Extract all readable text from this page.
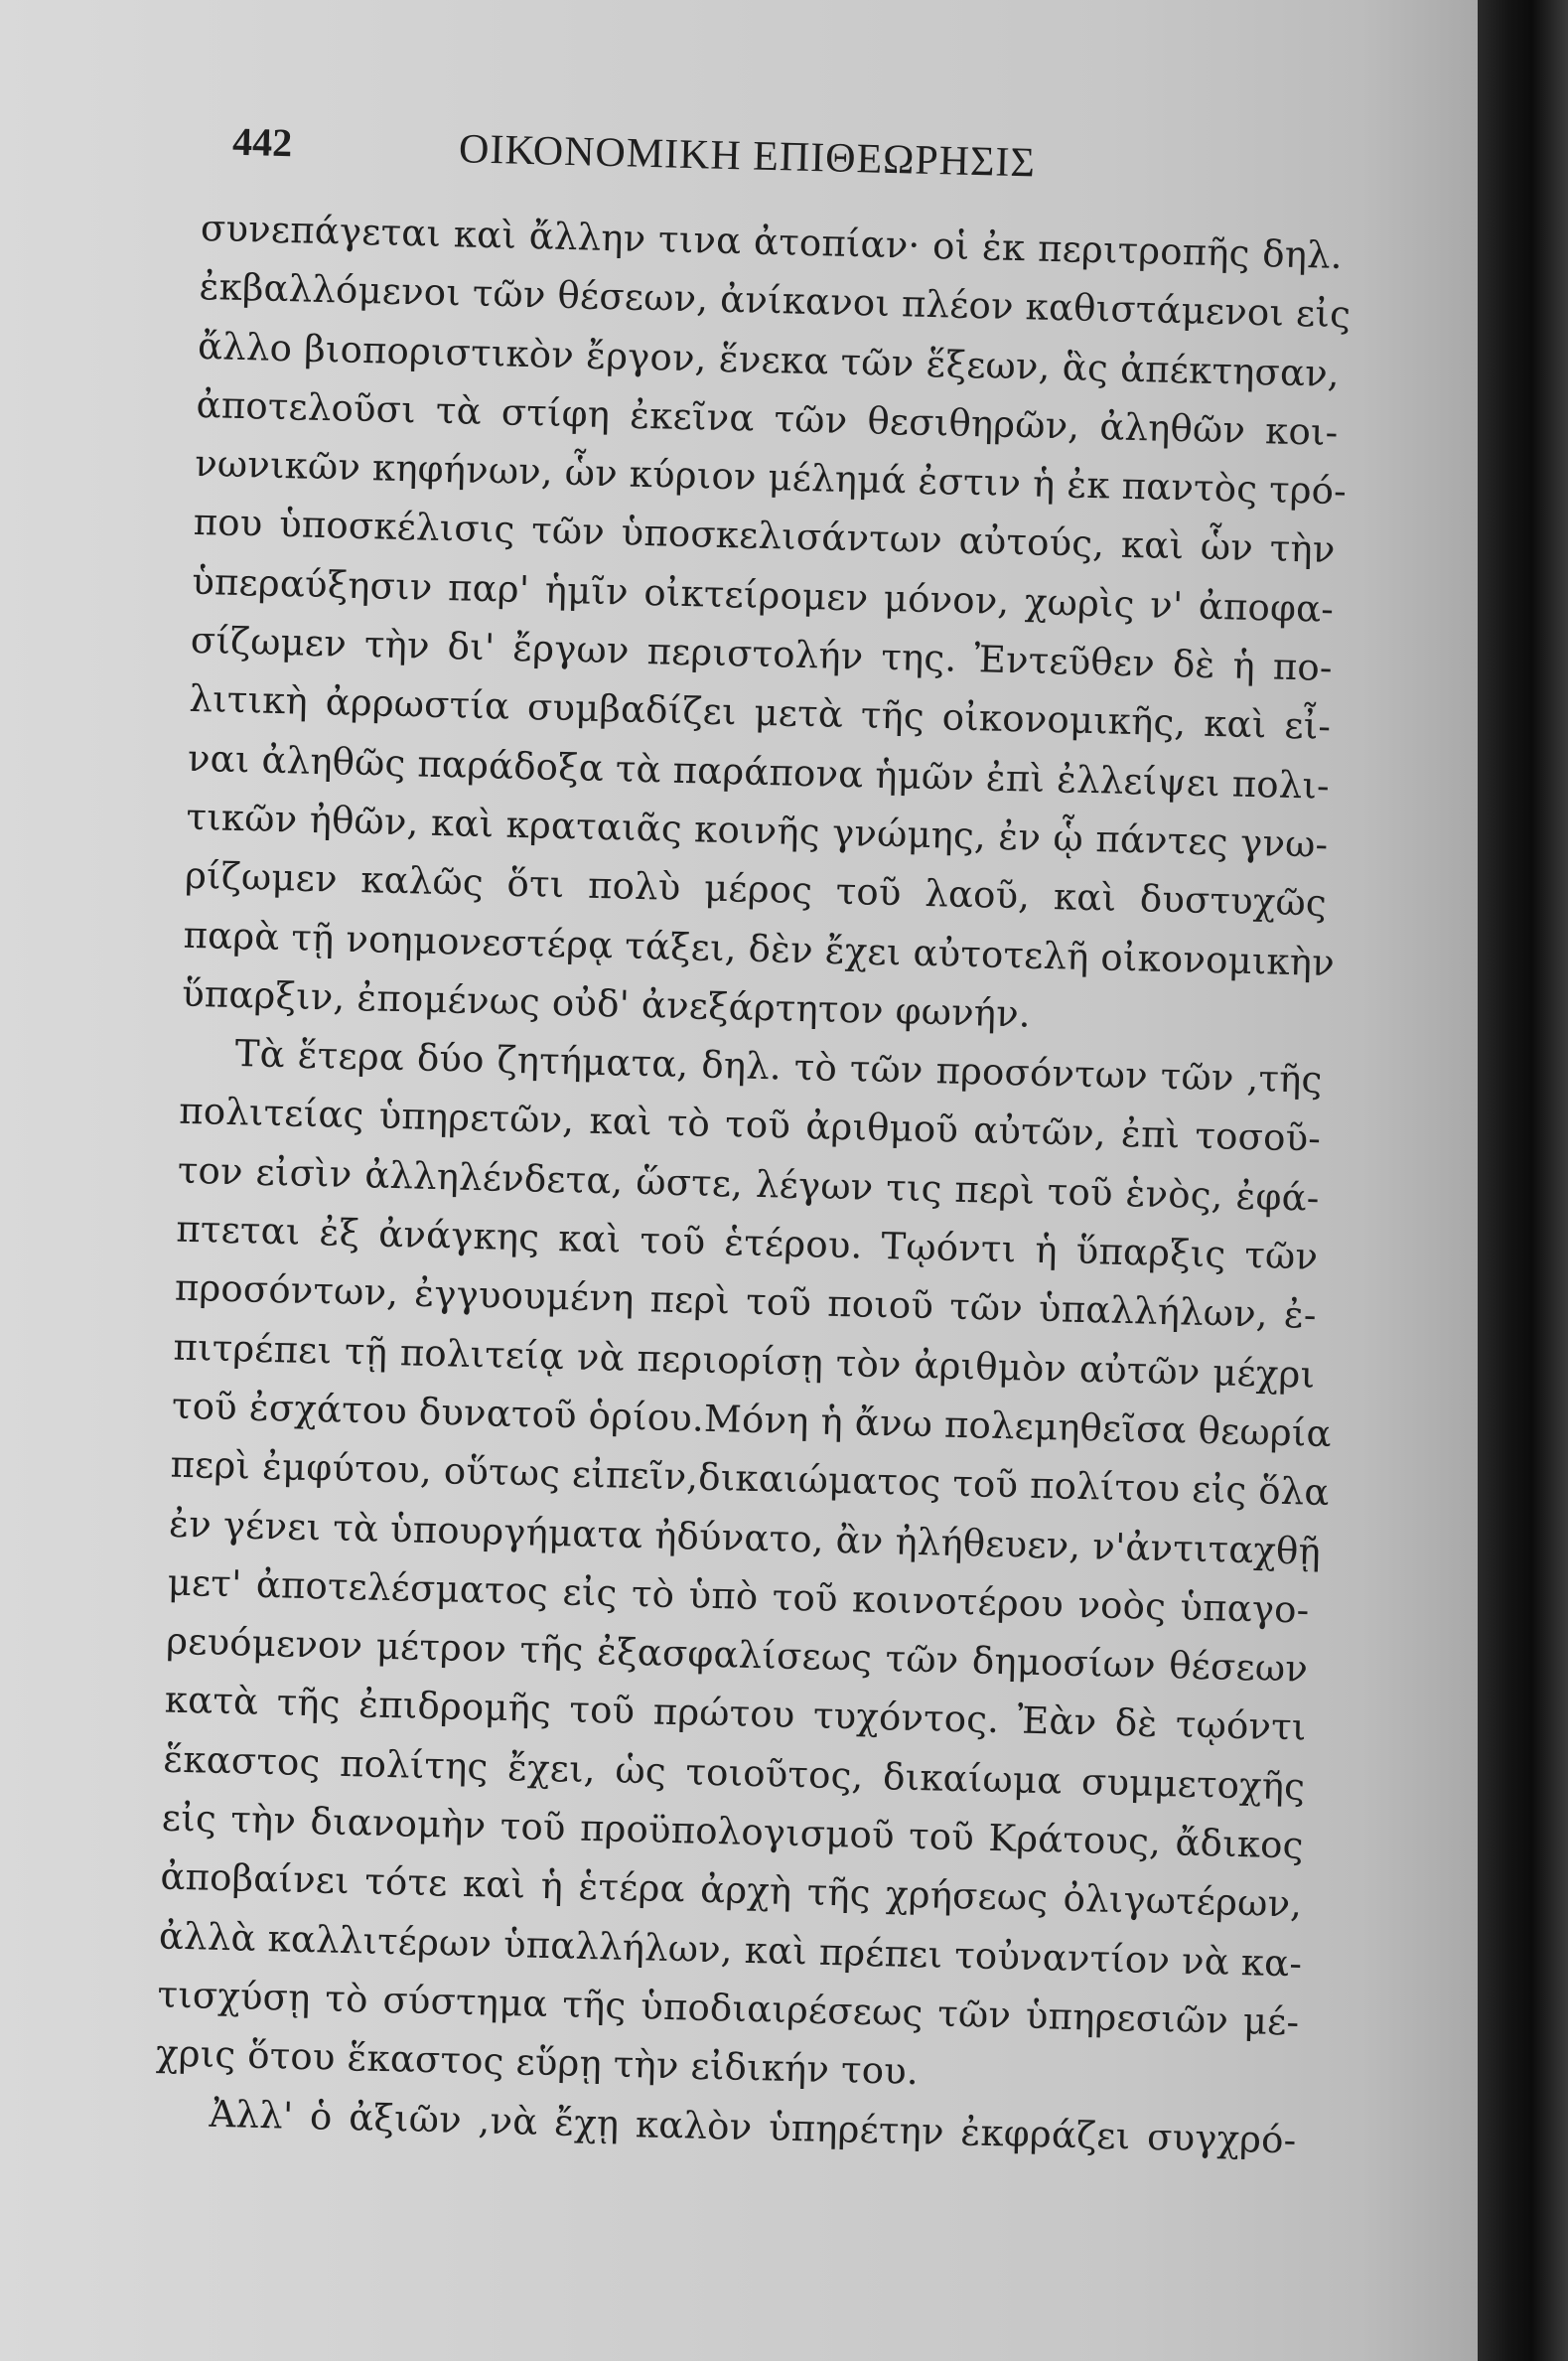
442	ΟΙΚΟΝΟΜΙΚΗ ΕΠΙΘΕΩΡΗΣΙΣ
συνεπάγεται καὶ ἄλλην τινα ἀτοπίαν· οἱ ἐκ περιτροπῆς δηλ.
ἐκβαλλόμενοι τῶν θέσεων, ἀνίκανοι πλέον καθιστάμενοι εἰς
ἄλλο βιοποριστικὸν ἔργον, ἕνεκα τῶν ἕξεων, ἃς ἀπέκτησαν,
ἀποτελοῦσι τὰ στίφη ἐκεῖνα τῶν θεσιθηρῶν, ἀληθῶν κοι-
νωνικῶν κηφήνων, ὧν κύριον μέλημά ἐστιν ἡ ἐκ παντὸς τρό-
που ὑποσκέλισις τῶν ὑποσκελισάντων αὐτούς, καὶ ὧν τὴν
ὑπεραύξησιν παρ' ἡμῖν οἰκτείρομεν μόνον, χωρὶς ν' ἀποφα-
σίζωμεν τὴν δι' ἔργων περιστολήν της. Ἐντεῦθεν δὲ ἡ πο-
λιτικὴ ἀρρωστία συμβαδίζει μετὰ τῆς οἰκονομικῆς, καὶ εἶ-
ναι ἀληθῶς παράδοξα τὰ παράπονα ἡμῶν ἐπὶ ἐλλείψει πολι-
τικῶν ἠθῶν, καὶ κραταιᾶς κοινῆς γνώμης, ἐν ᾧ πάντες γνω-
ρίζωμεν καλῶς ὅτι πολὺ μέρος τοῦ λαοῦ, καὶ δυστυχῶς
παρὰ τῇ νοημονεστέρᾳ τάξει, δὲν ἔχει αὐτοτελῆ οἰκονομικὴν
ὕπαρξιν, ἐπομένως οὐδ' ἀνεξάρτητον φωνήν.
Τὰ ἕτερα δύο ζητήματα, δηλ. τὸ τῶν προσόντων τῶν ,τῆς
πολιτείας ὑπηρετῶν, καὶ τὸ τοῦ ἀριθμοῦ αὐτῶν, ἐπὶ τοσοῦ-
τον εἰσὶν ἀλληλένδετα, ὥστε, λέγων τις περὶ τοῦ ἑνὸς, ἐφά-
πτεται ἐξ ἀνάγκης καὶ τοῦ ἑτέρου. Τῳόντι ἡ ὕπαρξις τῶν
προσόντων, ἐγγυουμένη περὶ τοῦ ποιοῦ τῶν ὑπαλλήλων, ἐ-
πιτρέπει τῇ πολιτείᾳ νὰ περιορίσῃ τὸν ἀριθμὸν αὐτῶν μέχρι
τοῦ ἐσχάτου δυνατοῦ ὁρίου.Μόνη ἡ ἄνω πολεμηθεῖσα θεωρία
περὶ ἐμφύτου, οὕτως εἰπεῖν,δικαιώματος τοῦ πολίτου εἰς ὅλα
ἐν γένει τὰ ὑπουργήματα ἠδύνατο, ἂν ἠλήθευεν, ν'ἀντιταχθῇ
μετ' ἀποτελέσματος εἰς τὸ ὑπὸ τοῦ κοινοτέρου νοὸς ὑπαγο-
ρευόμενον μέτρον τῆς ἐξασφαλίσεως τῶν δημοσίων θέσεων
κατὰ τῆς ἐπιδρομῆς τοῦ πρώτου τυχόντος. Ἐὰν δὲ τῳόντι
ἕκαστος πολίτης ἔχει, ὡς τοιοῦτος, δικαίωμα συμμετοχῆς
εἰς τὴν διανομὴν τοῦ προϋπολογισμοῦ τοῦ Κράτους, ἄδικος
ἀποβαίνει τότε καὶ ἡ ἑτέρα ἀρχὴ τῆς χρήσεως ὀλιγωτέρων,
ἀλλὰ καλλιτέρων ὑπαλλήλων, καὶ πρέπει τοὐναντίον νὰ κα-
τισχύσῃ τὸ σύστημα τῆς ὑποδιαιρέσεως τῶν ὑπηρεσιῶν μέ-
χρις ὅτου ἕκαστος εὕρῃ τὴν εἰδικήν του.
Ἀλλ' ὁ ἀξιῶν ,νὰ ἔχῃ καλὸν ὑπηρέτην ἐκφράζει συγχρό-
